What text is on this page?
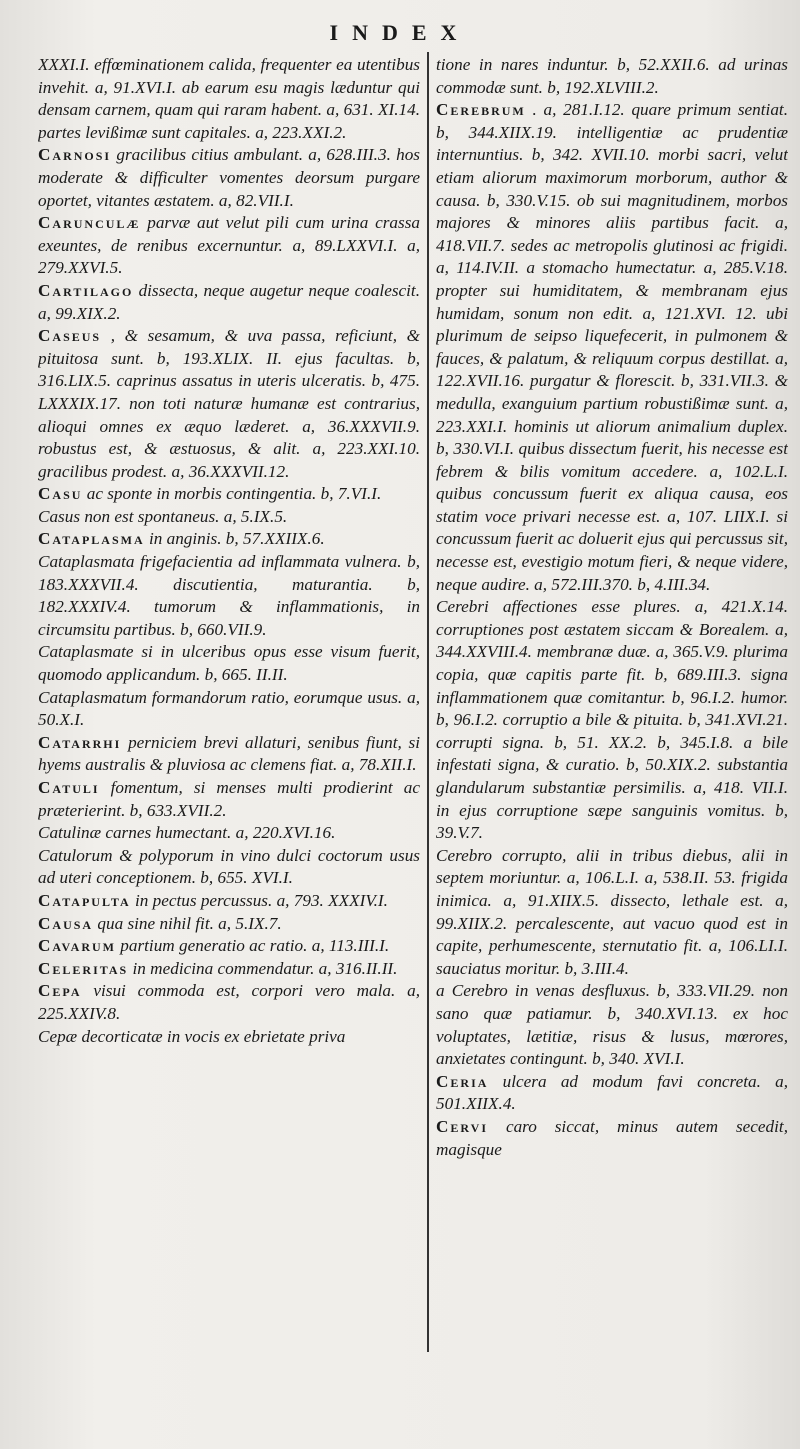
INDEX

XXXI.I. effœminationem calida, frequenter ea utentibus invehit. a, 91.XVI.I. ab earum esu magis læduntur qui densam carnem, quam qui raram habent. a, 631. XI.14. partes levißimæ sunt capitales. a, 223.XXI.2.

Carnosi gracilibus citius ambulant. a, 628.III.3. hos moderate & difficulter vomentes deorsum purgare oportet, vitantes æstatem. a, 82.VII.I.

Carunculæ parvæ aut velut pili cum urina crassa exeuntes, de renibus excernuntur. a, 89.LXXVI.I. a, 279.XXVI.5.

Cartilago dissecta, neque augetur neque coalescit. a, 99.XIX.2.

Caseus , & sesamum, & uva passa, reficiunt, & pituitosa sunt. b, 193.XLIX. II. ejus facultas. b, 316.LIX.5. caprinus assatus in uteris ulceratis. b, 475. LXXXIX.17. non toti naturæ humanæ est contrarius, alioqui omnes ex æquo læderet. a, 36.XXXVII.9. robustus est, & æstuosus, & alit. a, 223.XXI.10. gracilibus prodest. a, 36.XXXVII.12.

Casu ac sponte in morbis contingentia. b, 7.VI.I.

Casus non est spontaneus. a, 5.IX.5.

Cataplasma in anginis. b, 57.XXIIX.6.

Cataplasmata frigefacientia ad inflammata vulnera. b, 183.XXXVII.4. discutientia, maturantia. b, 182.XXXIV.4. tumorum & inflammationis, in circumsitu partibus. b, 660.VII.9.

Cataplasmate si in ulceribus opus esse visum fuerit, quomodo applicandum. b, 665. II.II.

Cataplasmatum formandorum ratio, eorumque usus. a, 50.X.I.

Catarrhi perniciem brevi allaturi, senibus fiunt, si hyems australis & pluviosa ac clemens fiat. a, 78.XII.I.

Catuli fomentum, si menses multi prodierint ac præterierint. b, 633.XVII.2.

Catulinæ carnes humectant. a, 220.XVI.16.

Catulorum & polyporum in vino dulci coctorum usus ad uteri conceptionem. b, 655. XVI.I.

Catapulta in pectus percussus. a, 793. XXXIV.I.

Causa qua sine nihil fit. a, 5.IX.7.

Cavarum partium generatio ac ratio. a, 113.III.I.

Celeritas in medicina commendatur. a, 316.II.II.

Cepa visui commoda est, corpori vero mala. a, 225.XXIV.8.

Cepæ decorticatæ in vocis ex ebrietate priva

tione in nares induntur. b, 52.XXII.6. ad urinas commodæ sunt. b, 192.XLVIII.2.

Cerebrum . a, 281.I.12. quare primum sentiat. b, 344.XIIX.19. intelligentiæ ac prudentiæ internuntius. b, 342. XVII.10. morbi sacri, velut etiam aliorum maximorum morborum, author & causa. b, 330.V.15. ob sui magnitudinem, morbos majores & minores aliis partibus facit. a, 418.VII.7. sedes ac metropolis glutinosi ac frigidi. a, 114.IV.II. a stomacho humectatur. a, 285.V.18. propter sui humiditatem, & membranam ejus humidam, sonum non edit. a, 121.XVI. 12. ubi plurimum de seipso liquefecerit, in pulmonem & fauces, & palatum, & reliquum corpus destillat. a, 122.XVII.16. purgatur & florescit. b, 331.VII.3. & medulla, exanguium partium robustißimæ sunt. a, 223.XXI.I. hominis ut aliorum animalium duplex. b, 330.VI.I. quibus dissectum fuerit, his necesse est febrem & bilis vomitum accedere. a, 102.L.I. quibus concussum fuerit ex aliqua causa, eos statim voce privari necesse est. a, 107. LIIX.I. si concussum fuerit ac doluerit ejus qui percussus sit, necesse est, evestigio motum fieri, & neque videre, neque audire. a, 572.III.370. b, 4.III.34.

Cerebri affectiones esse plures. a, 421.X.14. corruptiones post æstatem siccam & Borealem. a, 344.XXVIII.4. membranæ duæ. a, 365.V.9. plurima copia, quæ capitis parte fit. b, 689.III.3. signa inflammationem quæ comitantur. b, 96.I.2. humor. b, 96.I.2. corruptio a bile & pituita. b, 341.XVI.21. corrupti signa. b, 51. XX.2. b, 345.I.8. a bile infestati signa, & curatio. b, 50.XIX.2. substantia glandularum substantiæ persimilis. a, 418. VII.I. in ejus corruptione sæpe sanguinis vomitus. b, 39.V.7.

Cerebro corrupto, alii in tribus diebus, alii in septem moriuntur. a, 106.L.I. a, 538.II. 53. frigida inimica. a, 91.XIIX.5. dissecto, lethale est. a, 99.XIIX.2. percalescente, aut vacuo quod est in capite, perhumescente, sternutatio fit. a, 106.LI.I. sauciatus moritur. b, 3.III.4.

a Cerebro in venas desfluxus. b, 333.VII.29. non sano quæ patiamur. b, 340.XVI.13. ex hoc voluptates, lætitiæ, risus & lusus, mœrores, anxietates contingunt. b, 340. XVI.I.

Ceria ulcera ad modum favi concreta. a, 501.XIIX.4.

Cervi caro siccat, minus autem secedit, magisque
